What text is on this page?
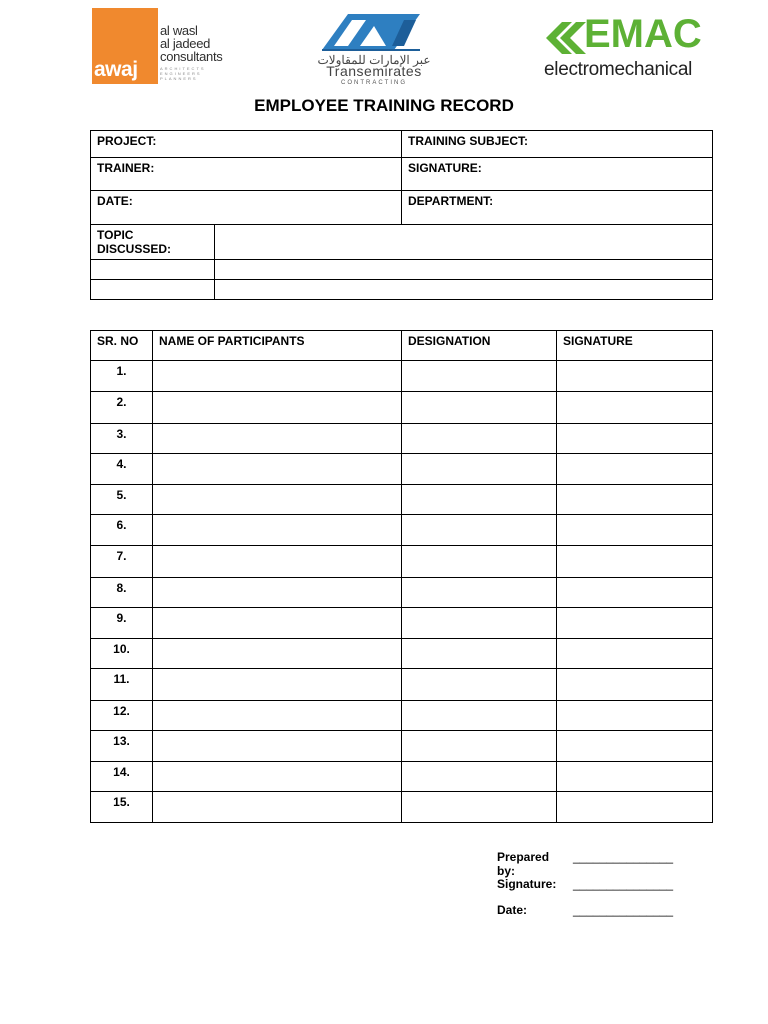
awaj
al wasl
al jadeed
consultants
ARCHITECTS
ENGINEERS
PLANNERS
عبر الإمارات للمقاولات
Transemirates
CONTRACTING
EMAC
electromechanical
EMPLOYEE TRAINING RECORD
PROJECT:		TRAINING SUBJECT:
TRAINER:		SIGNATURE:
DATE:		DEPARTMENT:
TOPIC DISCUSSED:		

SR. NO	NAME OF PARTICIPANTS	DESIGNATION	SIGNATURE
1.			
2.			
3.			
4.			
5.			
6.			
7.			
8.			
9.			
10.			
11.			
12.			
13.			
14.			
15.			
Prepared by:
_______________
Signature: _______________
Date:	_______________
